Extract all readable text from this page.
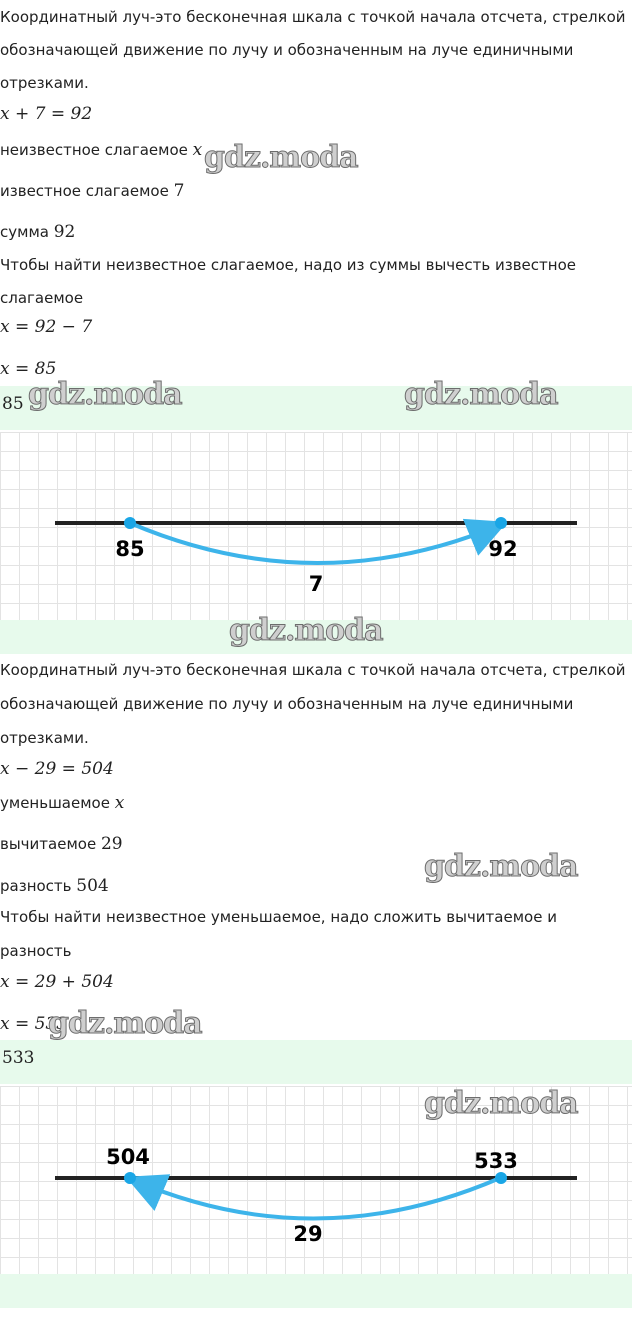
Координатный луч-это бесконечная шкала с точкой начала отсчета, стрелкой

обозначающей движение по лучу и обозначенным на луче единичными

отрезками.

x + 7 = 92

неизвестное слагаемое x

известное слагаемое 7

сумма 92

Чтобы найти неизвестное слагаемое, надо из суммы вычесть известное

слагаемое

x = 92 − 7

x = 85

85
85	92
7

Координатный луч-это бесконечная шкала с точкой начала отсчета, стрелкой

обозначающей движение по лучу и обозначенным на луче единичными

отрезками.

x − 29 = 504

уменьшаемое x

вычитаемое 29

разность 504

Чтобы найти неизвестное уменьшаемое, надо сложить вычитаемое и

разность

x = 29 + 504

x = 533

533
504	533
29
gdz.moda
gdz.moda	gdz.moda
gdz.moda
gdz.moda
gdz.moda
gdz.moda
